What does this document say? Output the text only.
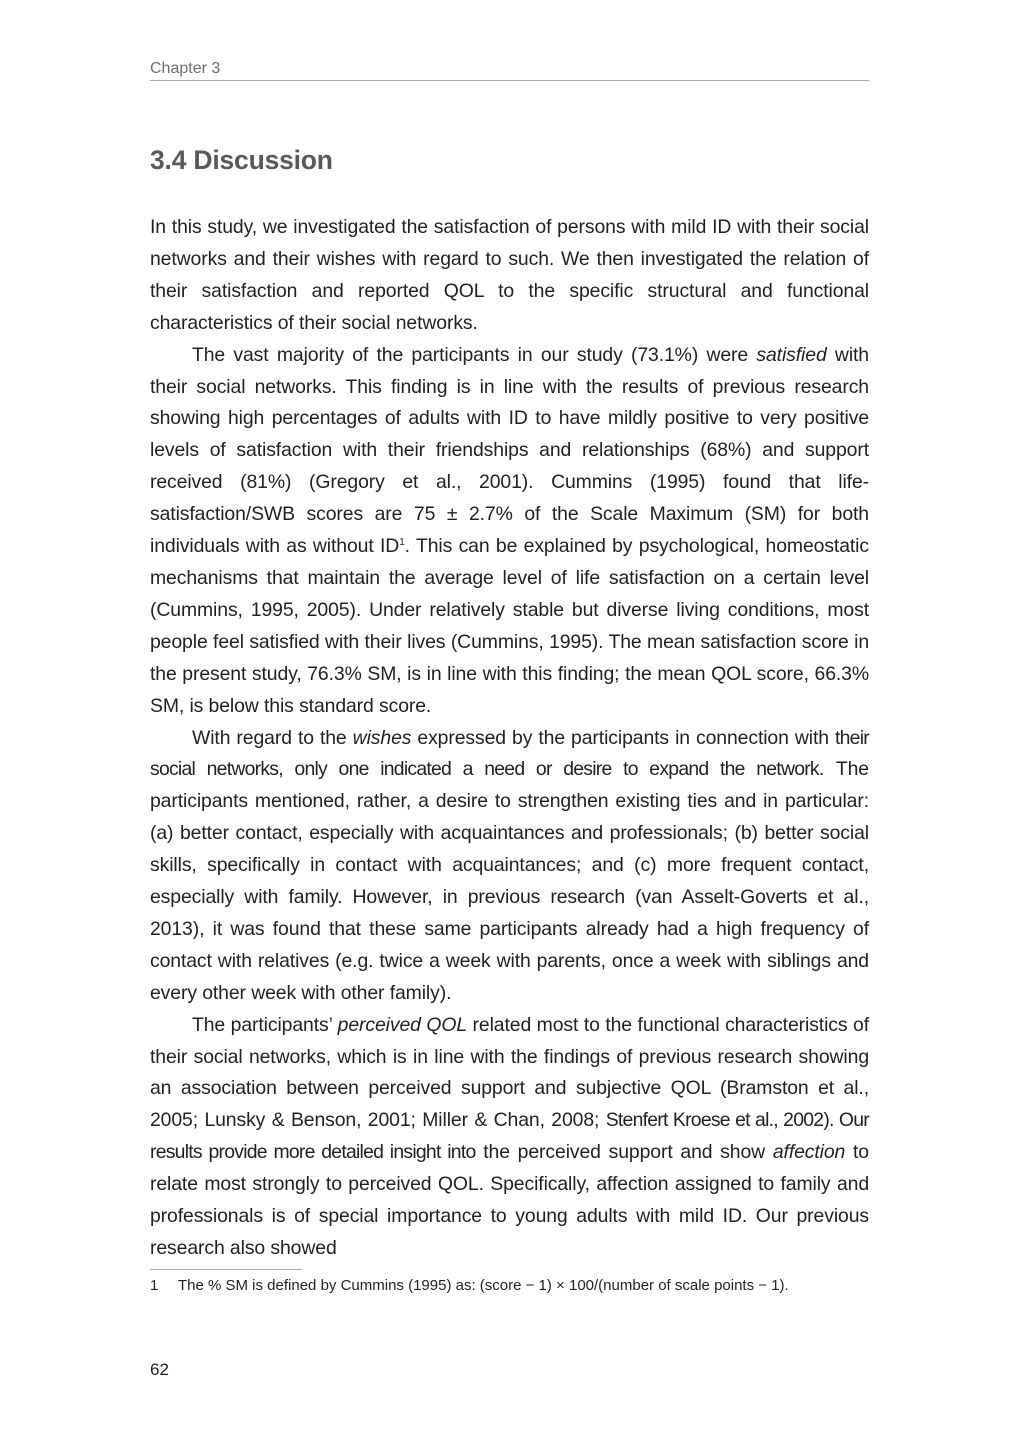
Chapter 3
3.4 Discussion

In this study, we investigated the satisfaction of persons with mild ID with their social networks and their wishes with regard to such. We then investigated the relation of their satisfaction and reported QOL to the specific structural and functional characteristics of their social networks.

The vast majority of the participants in our study (73.1%) were satisfied with their social networks. This finding is in line with the results of previous research showing high percentages of adults with ID to have mildly positive to very positive levels of satisfaction with their friendships and relationships (68%) and support received (81%) (Gregory et al., 2001). Cummins (1995) found that life-satisfaction/SWB scores are 75 ± 2.7% of the Scale Maximum (SM) for both individuals with as without $ID^1$. This can be explained by psychological, homeostatic mechanisms that maintain the average level of life satisfaction on a certain level (Cummins, 1995, 2005). Under relatively stable but diverse living conditions, most people feel satisfied with their lives (Cummins, 1995). The mean satisfaction score in the present study, 76.3% SM, is in line with this finding; the mean QOL score, 66.3% SM, is below this standard score.

With regard to the wishes expressed by the participants in connection with their social networks, only one indicated a need or desire to expand the network. The participants mentioned, rather, a desire to strengthen existing ties and in particular: (a) better contact, especially with acquaintances and professionals; (b) better social skills, specifically in contact with acquaintances; and (c) more frequent contact, especially with family. However, in previous research (van Asselt-Goverts et al., 2013), it was found that these same participants already had a high frequency of contact with relatives (e.g. twice a week with parents, once a week with siblings and every other week with other family).

The participants’ perceived QOL related most to the functional characteristics of their social networks, which is in line with the findings of previous research showing an association between perceived support and subjective QOL (Bramston et al., 2005; Lunsky & Benson, 2001; Miller & Chan, 2008; Stenfert Kroese et al., 2002). Our results provide more detailed insight into the perceived support and show affection to relate most strongly to perceived QOL. Specifically, affection assigned to family and professionals is of special importance to young adults with mild ID. Our previous research also showed

1 The % SM is defined by Cummins (1995) as: (score − 1) × 100/(number of scale points − 1).
62
